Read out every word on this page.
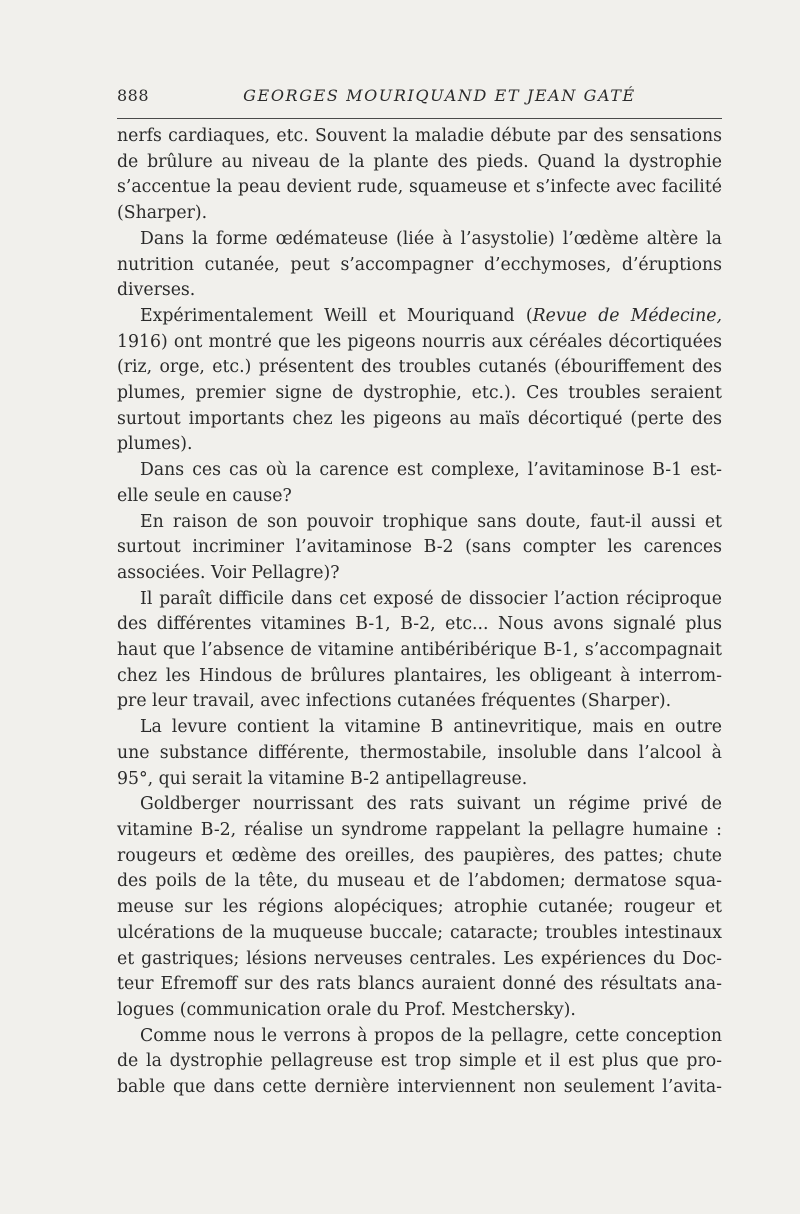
888	GEORGES MOURIQUAND ET JEAN GATÉ

nerfs cardiaques, etc. Souvent la maladie débute par des sensations
de brûlure au niveau de la plante des pieds. Quand la dystrophie
s’accentue la peau devient rude, squameuse et s’infecte avec facilité
(Sharper).

Dans la forme œdémateuse (liée à l’asystolie) l’œdème altère la
nutrition cutanée, peut s’accompagner d’ecchymoses, d’éruptions
diverses.

Expérimentalement Weill et Mouriquand (Revue de Médecine,
1916) ont montré que les pigeons nourris aux céréales décortiquées
(riz, orge, etc.) présentent des troubles cutanés (ébouriffement des
plumes, premier signe de dystrophie, etc.). Ces troubles seraient
surtout importants chez les pigeons au maïs décortiqué (perte des
plumes).

Dans ces cas où la carence est complexe, l’avitaminose B-1 est-
elle seule en cause?

En raison de son pouvoir trophique sans doute, faut-il aussi et
surtout incriminer l’avitaminose B-2 (sans compter les carences
associées. Voir Pellagre)?

Il paraît difficile dans cet exposé de dissocier l’action réciproque
des différentes vitamines B-1, B-2, etc... Nous avons signalé plus
haut que l’absence de vitamine antibéribérique B-1, s’accompagnait
chez les Hindous de brûlures plantaires, les obligeant à interrom-
pre leur travail, avec infections cutanées fréquentes (Sharper).

La levure contient la vitamine B antinevritique, mais en outre
une substance différente, thermostabile, insoluble dans l’alcool à
95°, qui serait la vitamine B-2 antipellagreuse.

Goldberger nourrissant des rats suivant un régime privé de
vitamine B-2, réalise un syndrome rappelant la pellagre humaine :
rougeurs et œdème des oreilles, des paupières, des pattes; chute
des poils de la tête, du museau et de l’abdomen; dermatose squa-
meuse sur les régions alopéciques; atrophie cutanée; rougeur et
ulcérations de la muqueuse buccale; cataracte; troubles intestinaux
et gastriques; lésions nerveuses centrales. Les expériences du Doc-
teur Efremoff sur des rats blancs auraient donné des résultats ana-
logues (communication orale du Prof. Mestchersky).

Comme nous le verrons à propos de la pellagre, cette conception
de la dystrophie pellagreuse est trop simple et il est plus que pro-
bable que dans cette dernière interviennent non seulement l’avita-
